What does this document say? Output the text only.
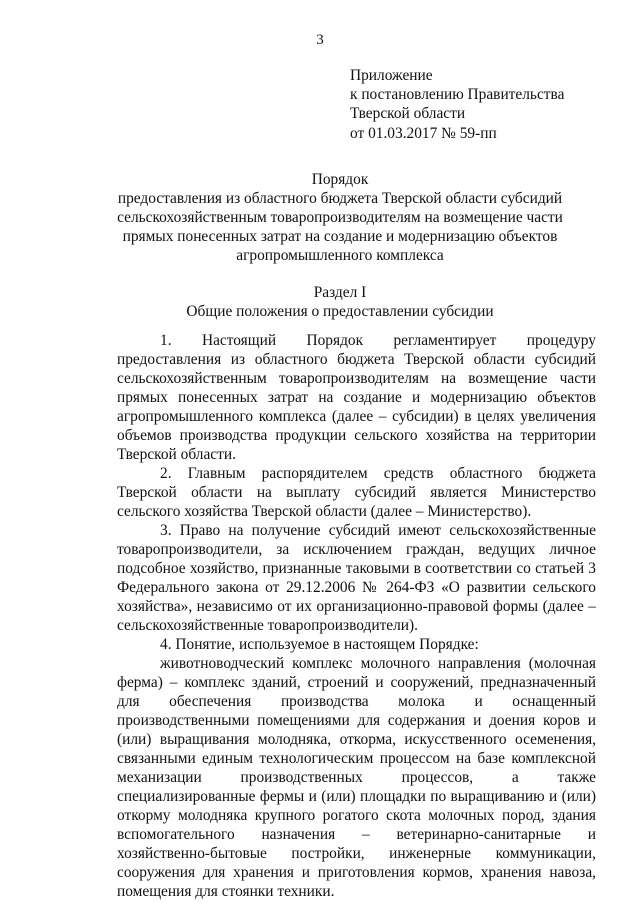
3
Приложение
к постановлению Правительства
Тверской области
от 01.03.2017 № 59-пп
Порядок
предоставления из областного бюджета Тверской области субсидий
сельскохозяйственным товаропроизводителям на возмещение части
прямых понесенных затрат на создание и модернизацию объектов
агропромышленного комплекса
Раздел I
Общие положения о предоставлении субсидии

1. Настоящий Порядок регламентирует процедуру предоставления из областного бюджета Тверской области субсидий сельскохозяйственным товаропроизводителям на возмещение части прямых понесенных затрат на создание и модернизацию объектов агропромышленного комплекса (далее – субсидии) в целях увеличения объемов производства продукции сельского хозяйства на территории Тверской области.

2. Главным распорядителем средств областного бюджета Тверской области на выплату субсидий является Министерство сельского хозяйства Тверской области (далее – Министерство).

3. Право на получение субсидий имеют сельскохозяйственные товаропроизводители, за исключением граждан, ведущих личное подсобное хозяйство, признанные таковыми в соответствии со статьей 3 Федерального закона от 29.12.2006 № 264-ФЗ «О развитии сельского хозяйства», независимо от их организационно-правовой формы (далее – сельскохозяйственные товаропроизводители).

4. Понятие, используемое в настоящем Порядке:

животноводческий комплекс молочного направления (молочная ферма) – комплекс зданий, строений и сооружений, предназначенный для обеспечения производства молока и оснащенный производственными помещениями для содержания и доения коров и (или) выращивания молодняка, откорма, искусственного осеменения, связанными единым технологическим процессом на базе комплексной механизации производственных процессов, а также специализированные фермы и (или) площадки по выращиванию и (или) откорму молодняка крупного рогатого скота молочных пород, здания вспомогательного назначения – ветеринарно-санитарные и хозяйственно-бытовые постройки, инженерные коммуникации, сооружения для хранения и приготовления кормов, хранения навоза, помещения для стоянки техники.
